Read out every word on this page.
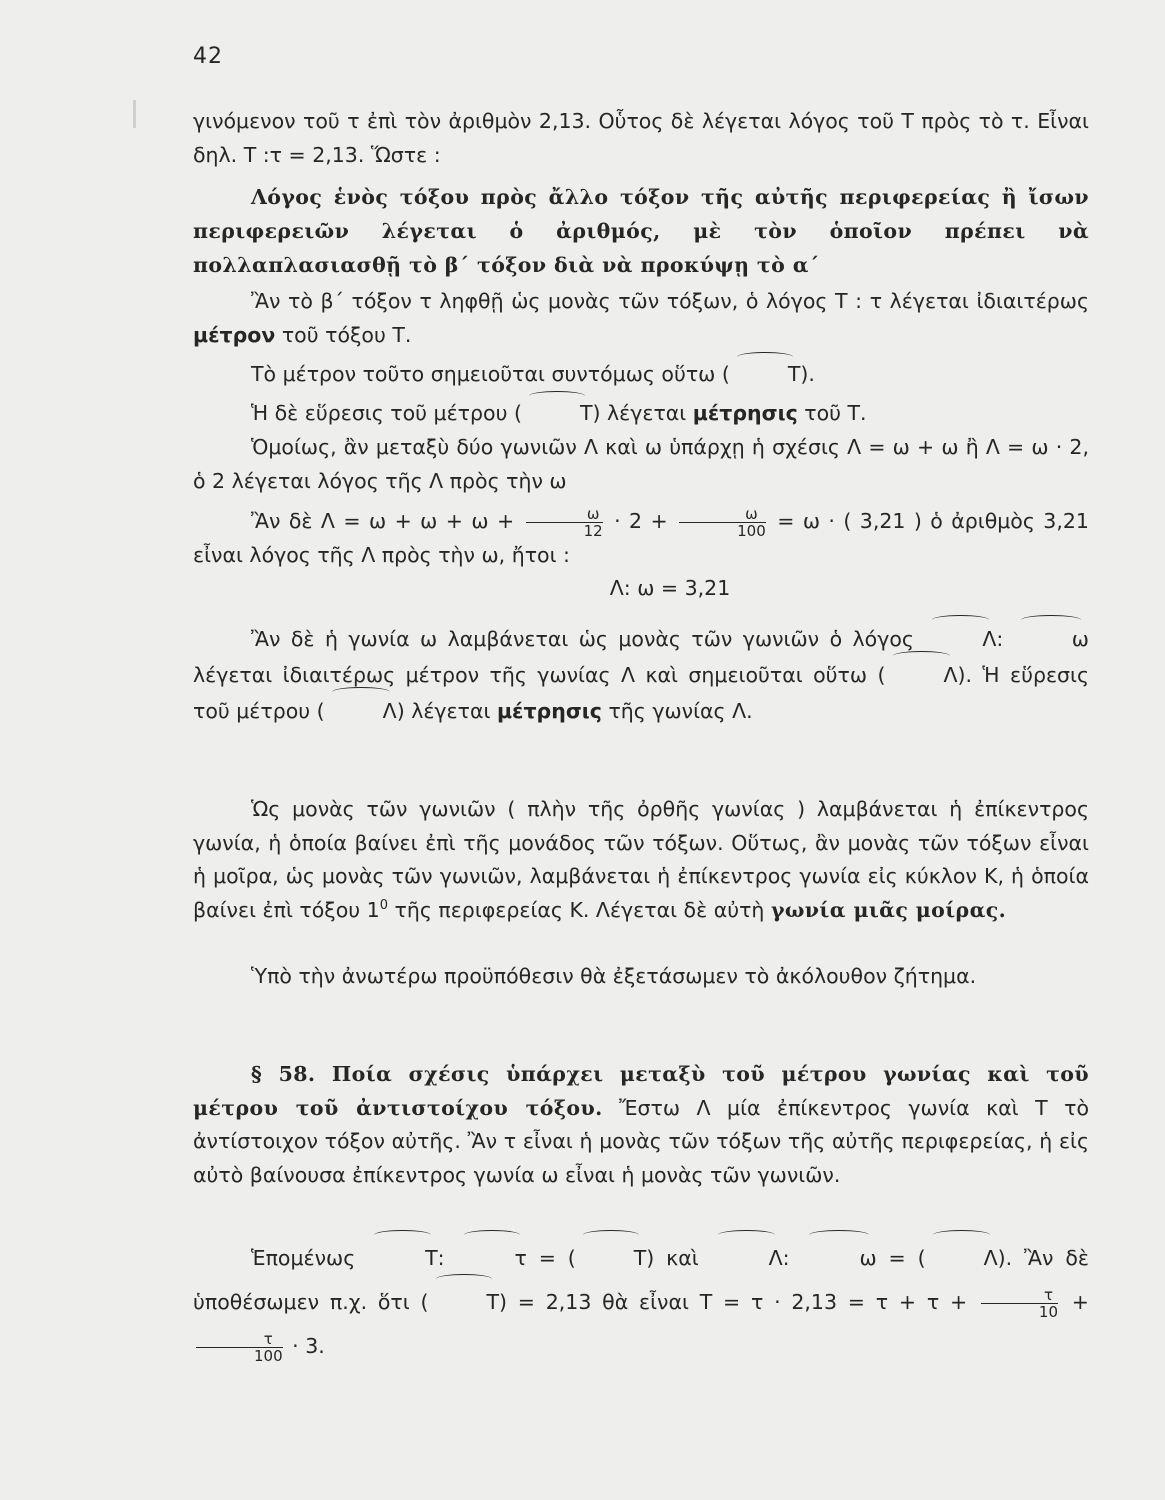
42

γινόμενον τοῦ τ ἐπὶ τὸν ἀριθμὸν 2,13. Οὗτος δὲ λέγεται λόγος τοῦ Τ πρὸς τὸ τ. Εἶναι δηλ. Τ :τ = 2,13. Ὥστε :

Λόγος ἑνὸς τόξου πρὸς ἄλλο τόξον τῆς αὐτῆς περιφερείας ἢ ἴσων περιφερειῶν λέγεται ὁ ἀριθμός, μὲ τὸν ὁποῖον πρέπει νὰ πολλαπλασιασθῇ τὸ β΄ τόξον διὰ νὰ προκύψῃ τὸ α΄

Ἂν τὸ β΄ τόξον τ ληφθῇ ὡς μονὰς τῶν τόξων, ὁ λόγος Τ : τ λέγεται ἰδιαιτέρως μέτρον τοῦ τόξου Τ.

Τὸ μέτρον τοῦτο σημειοῦται συντόμως οὕτω (	Τ).

Ἡ δὲ εὕρεσις τοῦ μέτρου (	Τ) λέγεται μέτρησις τοῦ Τ.

Ὁμοίως, ἂν μεταξὺ δύο γωνιῶν Λ καὶ ω ὑπάρχῃ ἡ σχέσις Λ = ω + ω ἢ Λ = ω · 2, ὁ 2 λέγεται λόγος τῆς Λ πρὸς τὴν ω

Ἂν δὲ $\Lambda = \omega + \omega + \omega + \frac{\omega}{12} \cdot 2 + \frac{\omega}{100} = \omega$ · ( 3,21 ) ὁ ἀριθμὸς 3,21 εἶναι λόγος τῆς Λ πρὸς τὴν ω, ἤτοι :

Λ: ω = 3,21

Ἂν δὲ ἡ γωνία ω λαμβάνεται ὡς μονὰς τῶν γωνιῶν ὁ λόγος	Λ:	ω λέγεται ἰδιαιτέρως μέτρον τῆς γωνίας Λ καὶ σημειοῦται οὕτω (	Λ). Ἡ εὕρεσις τοῦ μέτρου (	Λ) λέγεται μέτρησις τῆς γωνίας Λ.

Ὡς μονὰς τῶν γωνιῶν ( πλὴν τῆς ὀρθῆς γωνίας ) λαμβάνεται ἡ ἐπίκεντρος γωνία, ἡ ὁποία βαίνει ἐπὶ τῆς μονάδος τῶν τόξων. Οὕτως, ἂν μονὰς τῶν τόξων εἶναι ἡ μοῖρα, ὡς μονὰς τῶν γωνιῶν, λαμβάνεται ἡ ἐπίκεντρος γωνία εἰς κύκλον Κ, ἡ ὁποία βαίνει ἐπὶ τόξου $1^0$ τῆς περιφερείας Κ. Λέγεται δὲ αὐτὴ γωνία μιᾶς μοίρας.

Ὑπὸ τὴν ἀνωτέρω προϋπόθεσιν θὰ ἐξετάσωμεν τὸ ἀκόλουθον ζήτημα.

§ 58. Ποία σχέσις ὑπάρχει μεταξὺ τοῦ μέτρου γωνίας καὶ τοῦ μέτρου τοῦ ἀντιστοίχου τόξου. Ἔστω Λ μία ἐπίκεντρος γωνία καὶ Τ τὸ ἀντίστοιχον τόξον αὐτῆς. Ἂν τ εἶναι ἡ μονὰς τῶν τόξων τῆς αὐτῆς περιφερείας, ἡ εἰς αὐτὸ βαίνουσα ἐπίκεντρος γωνία ω εἶναι ἡ μονὰς τῶν γωνιῶν.

Ἑπομένως	Τ:	τ = (	Τ) καὶ	Λ:	ω = (	Λ). Ἂν δὲ ὑποθέσωμεν π.χ. ὅτι (	Τ) = 2,13 θὰ εἶναι $T = \tau \cdot 2,13 = \tau + \tau + \frac{\tau}{10}$ +
$\frac{\tau}{100} \cdot 3$.
